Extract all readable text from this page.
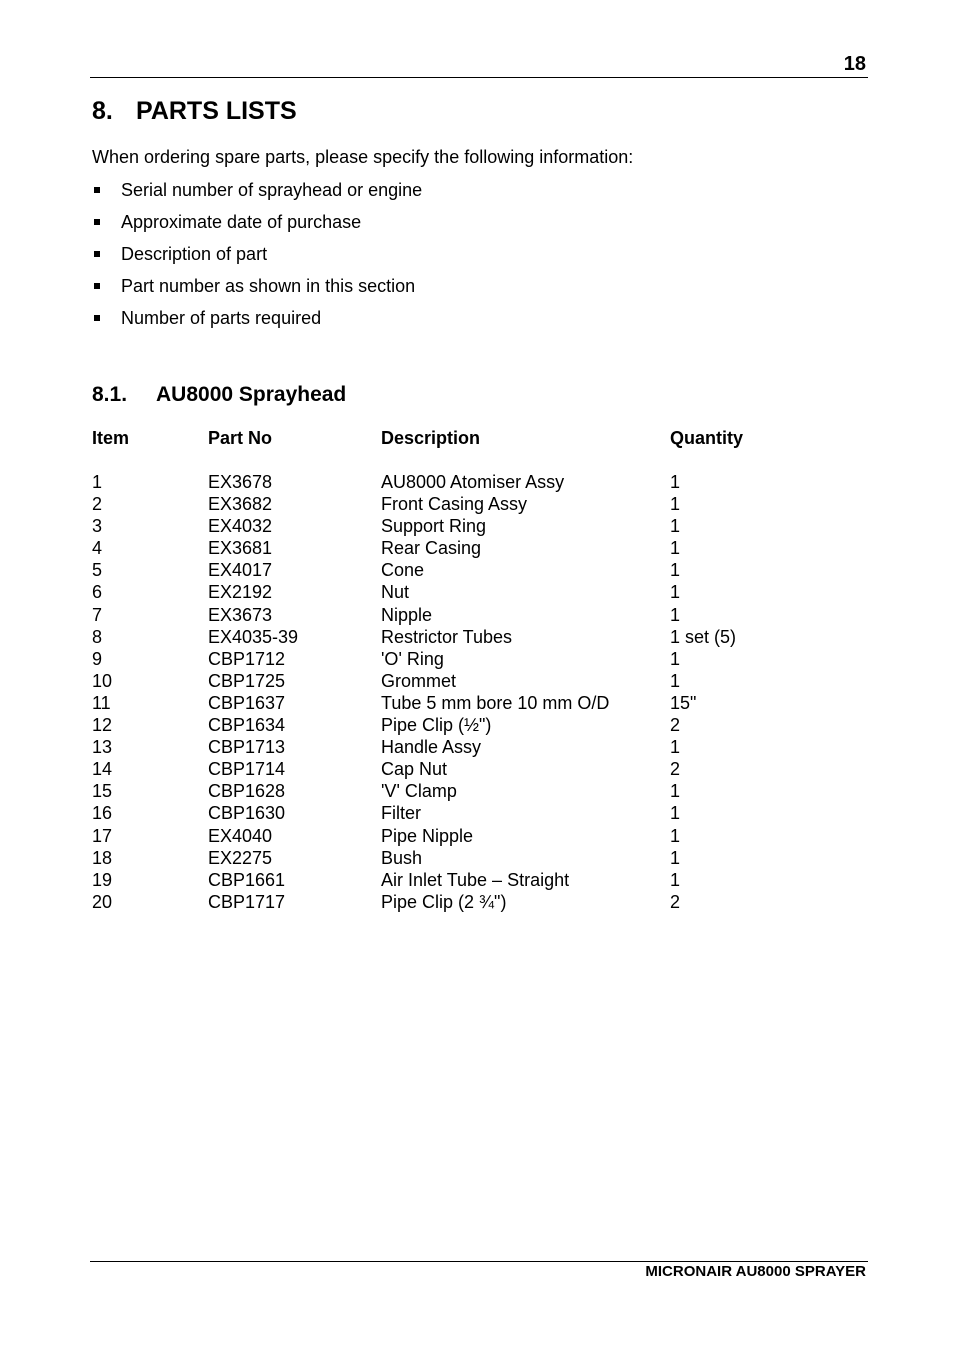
18
8. PARTS LISTS

When ordering spare parts, please specify the following information:

Serial number of sprayhead or engine
Approximate date of purchase
Description of part
Part number as shown in this section
Number of parts required
8.1. AU8000 Sprayhead
Item	Part No	Description	Quantity

1	EX3678	AU8000 Atomiser Assy	1
2	EX3682	Front Casing Assy	1
3	EX4032	Support Ring	1
4	EX3681	Rear Casing	1
5	EX4017	Cone	1
6	EX2192	Nut	1
7	EX3673	Nipple	1
8	EX4035-39	Restrictor Tubes	1 set (5)
9	CBP1712	'O' Ring	1
10	CBP1725	Grommet	1
11	CBP1637	Tube 5 mm bore 10 mm O/D	15"
12	CBP1634	Pipe Clip (½")	2
13	CBP1713	Handle Assy	1
14	CBP1714	Cap Nut	2
15	CBP1628	'V' Clamp	1
16	CBP1630	Filter	1
17	EX4040	Pipe Nipple	1
18	EX2275	Bush	1
19	CBP1661	Air Inlet Tube – Straight	1
20	CBP1717	Pipe Clip (2 ¾")	2
MICRONAIR AU8000 SPRAYER
